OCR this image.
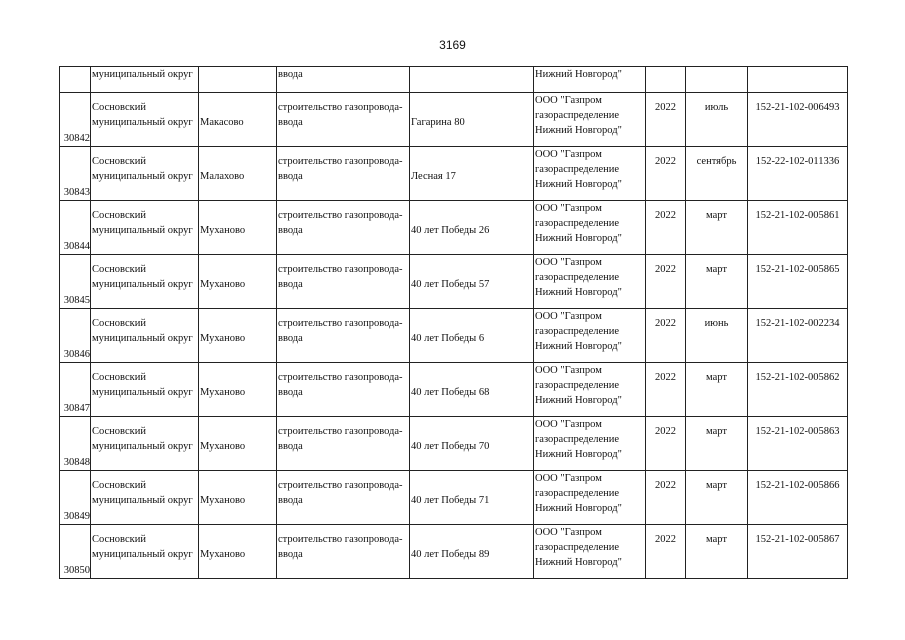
3169

	муниципальный округ		ввода		Нижний Новгород"			

30842	Сосновский
муниципальный округ	Макасово	строительство газопровода-
ввода	Гагарина 80	ООО "Газпром
газораспределение
Нижний Новгород"	2022	июль	152-21-102-006493

30843	Сосновский
муниципальный округ	Малахово	строительство газопровода-
ввода	Лесная 17	ООО "Газпром
газораспределение
Нижний Новгород"	2022	сентябрь	152-22-102-011336

30844	Сосновский
муниципальный округ	Муханово	строительство газопровода-
ввода	40 лет Победы 26	ООО "Газпром
газораспределение
Нижний Новгород"	2022	март	152-21-102-005861

30845	Сосновский
муниципальный округ	Муханово	строительство газопровода-
ввода	40 лет Победы 57	ООО "Газпром
газораспределение
Нижний Новгород"	2022	март	152-21-102-005865

30846	Сосновский
муниципальный округ	Муханово	строительство газопровода-
ввода	40 лет Победы 6	ООО "Газпром
газораспределение
Нижний Новгород"	2022	июнь	152-21-102-002234

30847	Сосновский
муниципальный округ	Муханово	строительство газопровода-
ввода	40 лет Победы 68	ООО "Газпром
газораспределение
Нижний Новгород"	2022	март	152-21-102-005862

30848	Сосновский
муниципальный округ	Муханово	строительство газопровода-
ввода	40 лет Победы 70	ООО "Газпром
газораспределение
Нижний Новгород"	2022	март	152-21-102-005863

30849	Сосновский
муниципальный округ	Муханово	строительство газопровода-
ввода	40 лет Победы 71	ООО "Газпром
газораспределение
Нижний Новгород"	2022	март	152-21-102-005866

30850	Сосновский
муниципальный округ	Муханово	строительство газопровода-
ввода	40 лет Победы 89	ООО "Газпром
газораспределение
Нижний Новгород"	2022	март	152-21-102-005867
